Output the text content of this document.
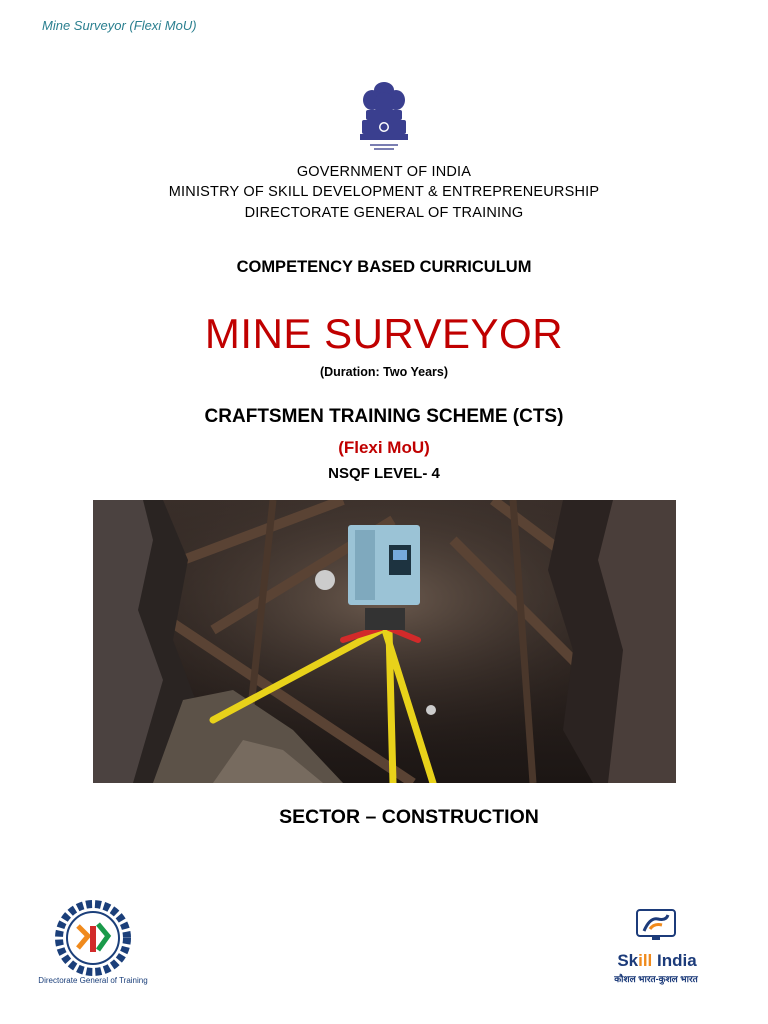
Mine Surveyor (Flexi MoU)
GOVERNMENT OF INDIA
MINISTRY OF SKILL DEVELOPMENT & ENTREPRENEURSHIP
DIRECTORATE GENERAL OF TRAINING
COMPETENCY BASED CURRICULUM
MINE SURVEYOR
(Duration: Two Years)
CRAFTSMEN TRAINING SCHEME (CTS)
(Flexi MoU)
NSQF LEVEL- 4
SECTOR – CONSTRUCTION
Directorate General of Training
Skill India
कौशल भारत-कुशल भारत
